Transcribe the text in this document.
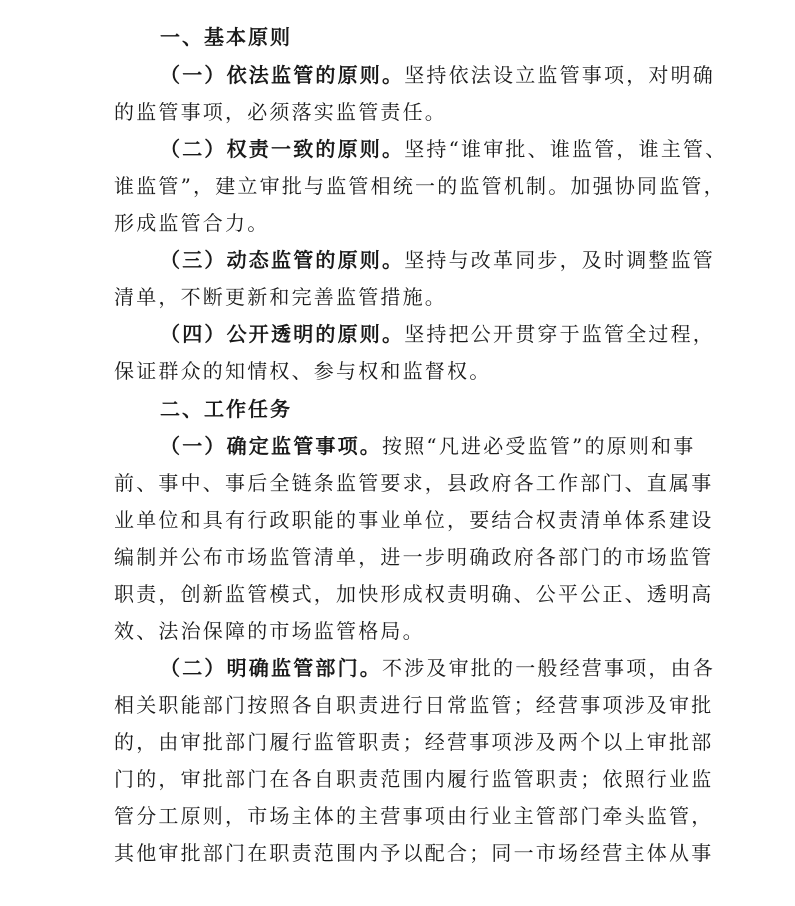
一、基本原则
（一）依法监管的原则。坚持依法设立监管事项，对明确
的监管事项，必须落实监管责任。
（二）权责一致的原则。坚持“谁审批、谁监管，谁主管、
谁监管”，建立审批与监管相统一的监管机制。加强协同监管，
形成监管合力。
（三）动态监管的原则。坚持与改革同步，及时调整监管
清单，不断更新和完善监管措施。
（四）公开透明的原则。坚持把公开贯穿于监管全过程，
保证群众的知情权、参与权和监督权。
二、工作任务
（一）确定监管事项。按照“凡进必受监管”的原则和事
前、事中、事后全链条监管要求，县政府各工作部门、直属事
业单位和具有行政职能的事业单位，要结合权责清单体系建设
编制并公布市场监管清单，进一步明确政府各部门的市场监管
职责，创新监管模式，加快形成权责明确、公平公正、透明高
效、法治保障的市场监管格局。
（二）明确监管部门。不涉及审批的一般经营事项，由各
相关职能部门按照各自职责进行日常监管；经营事项涉及审批
的，由审批部门履行监管职责；经营事项涉及两个以上审批部
门的，审批部门在各自职责范围内履行监管职责；依照行业监
管分工原则，市场主体的主营事项由行业主管部门牵头监管，
其他审批部门在职责范围内予以配合；同一市场经营主体从事
